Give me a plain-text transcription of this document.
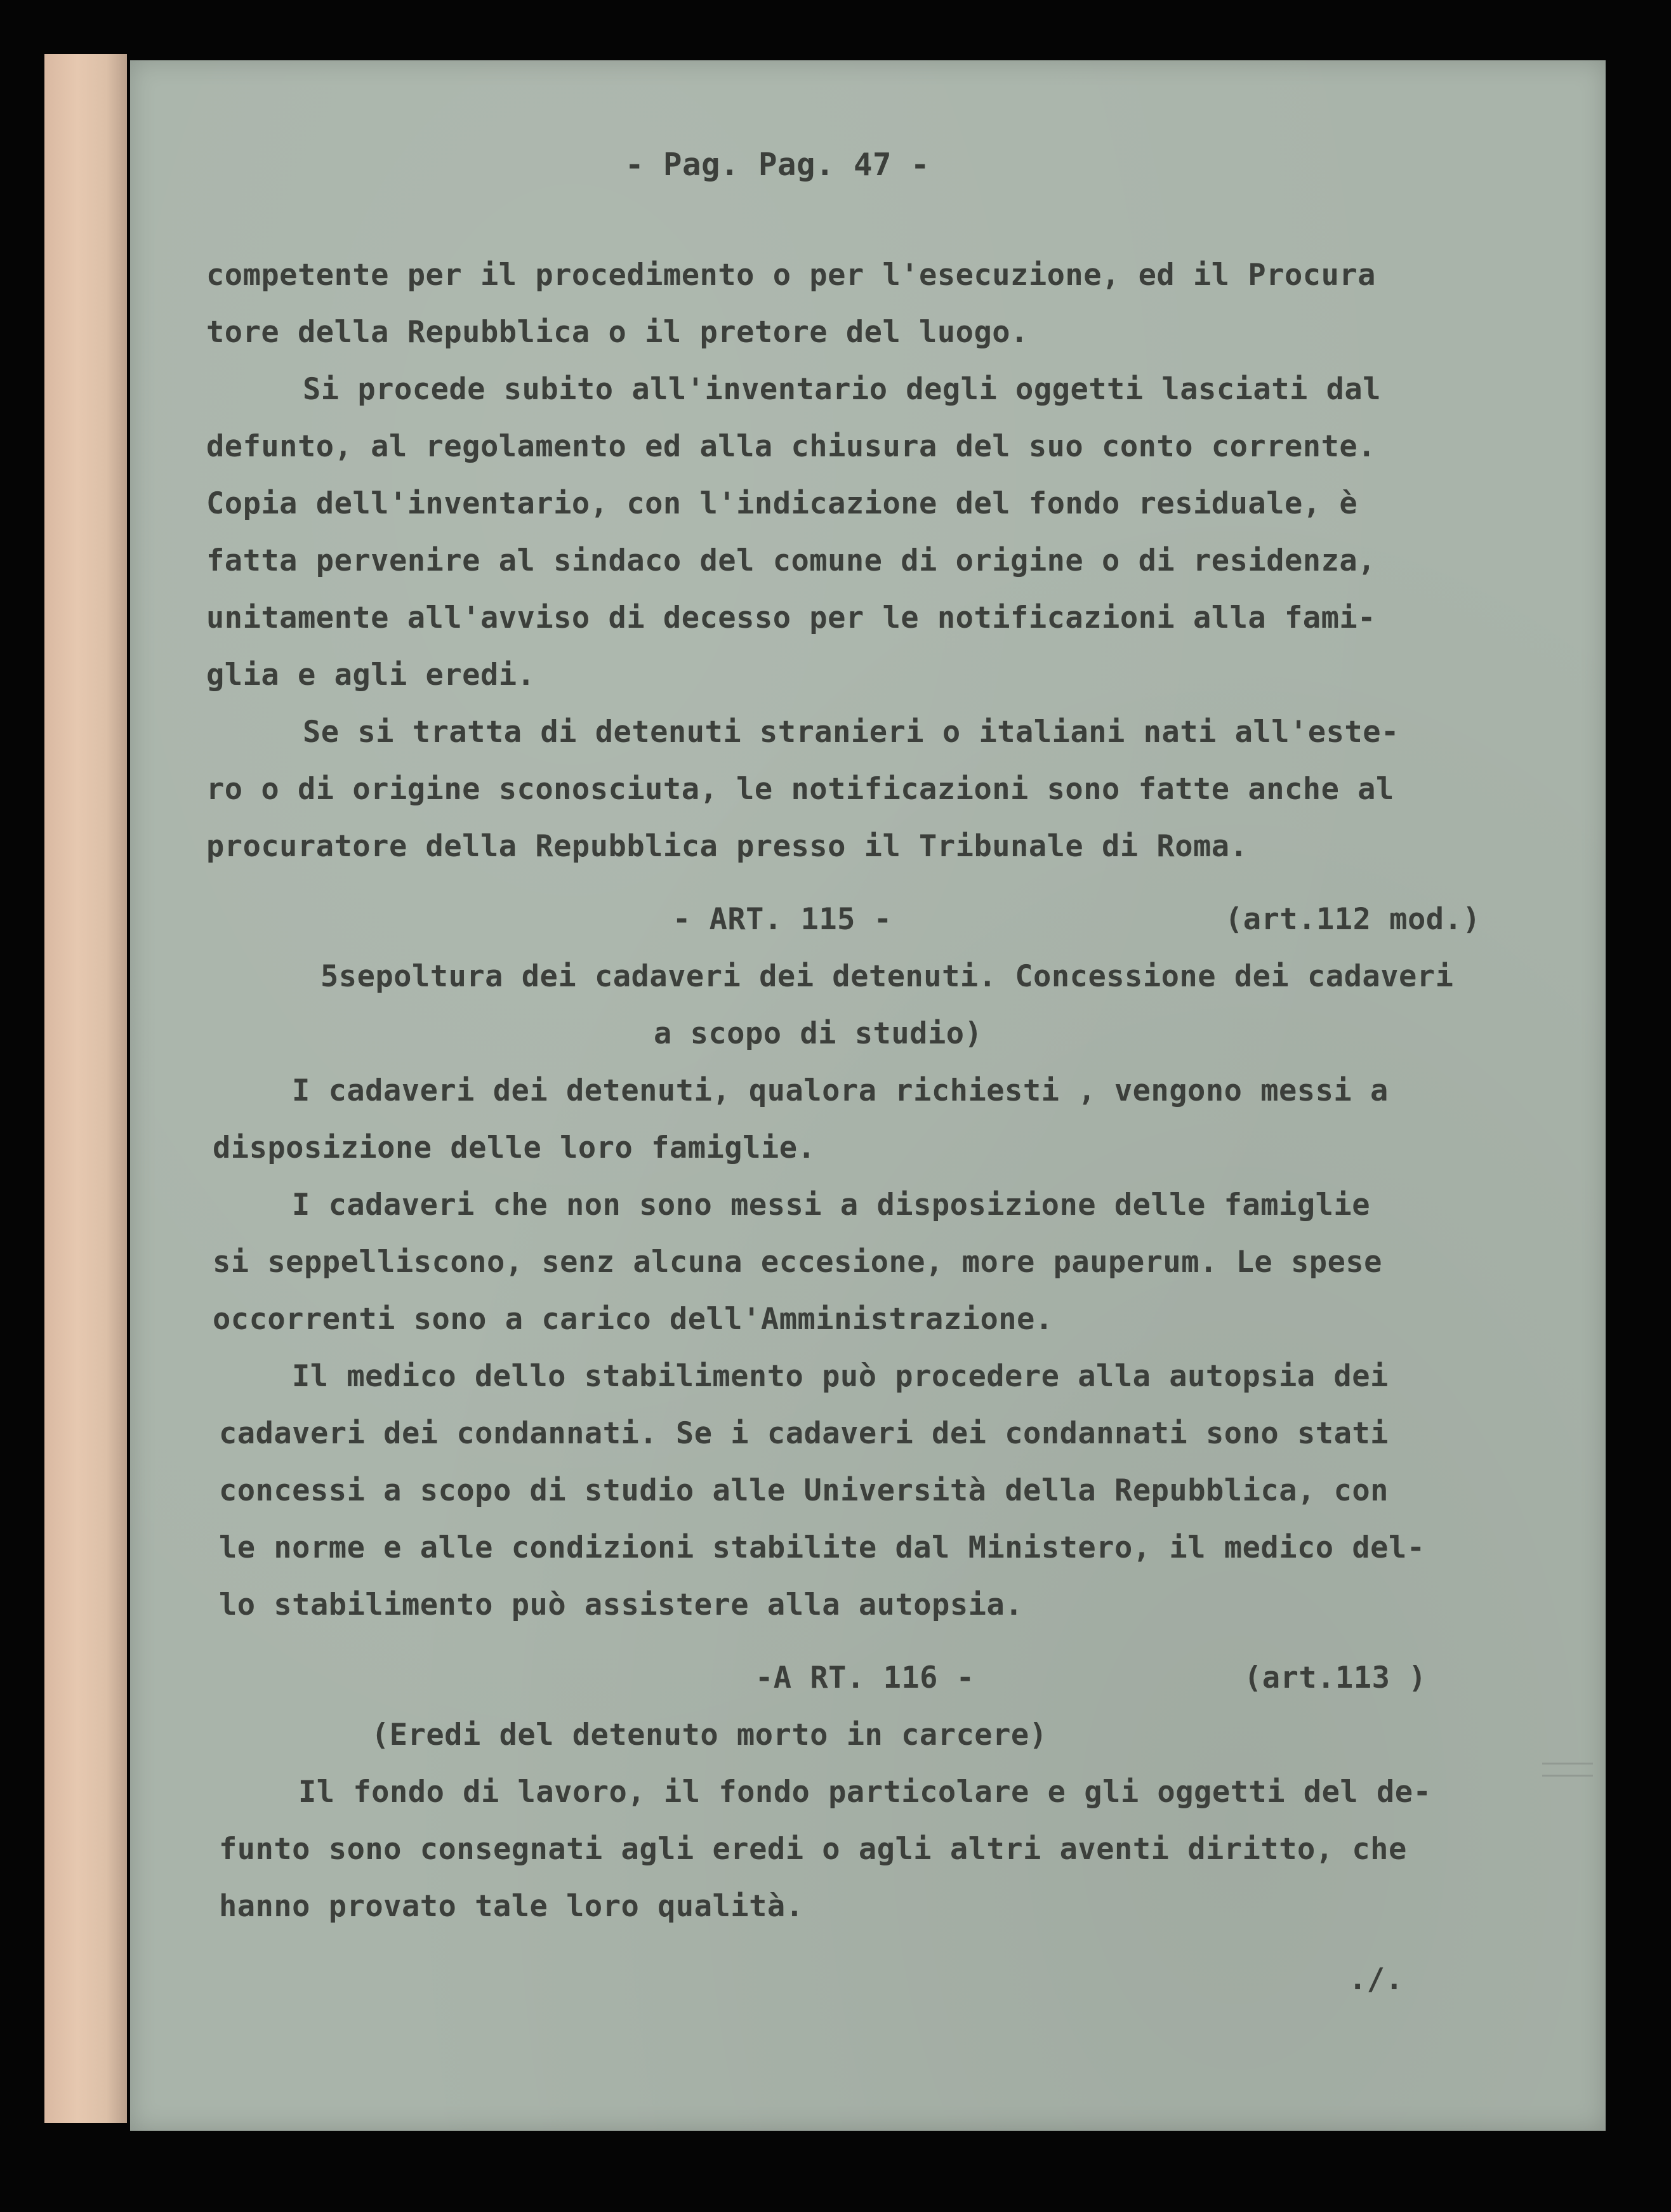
- Pag. Pag. 47 -
competente per il procedimento o per l'esecuzione, ed il Procura
tore della Repubblica o il pretore del luogo.
Si procede subito all'inventario degli oggetti lasciati dal
defunto, al regolamento ed alla chiusura del suo conto corrente.
Copia dell'inventario, con l'indicazione del fondo residuale, è
fatta pervenire al sindaco del comune di origine o di residenza,
unitamente all'avviso di decesso per le notificazioni alla fami-
glia e agli eredi.
Se si tratta di detenuti stranieri o italiani nati all'este-
ro o di origine sconosciuta, le notificazioni sono fatte anche al
procuratore della Repubblica presso il Tribunale di Roma.
- ART. 115 -	(art.112 mod.)
5sepoltura dei cadaveri dei detenuti. Concessione dei cadaveri
a scopo di studio)
I cadaveri dei detenuti, qualora richiesti , vengono messi a
disposizione delle loro famiglie.
I cadaveri che non sono messi a disposizione delle famiglie
si seppelliscono, senz alcuna eccesione, more pauperum. Le spese
occorrenti sono a carico dell'Amministrazione.
Il medico dello stabilimento può procedere alla autopsia dei
cadaveri dei condannati. Se i cadaveri dei condannati sono stati
concessi a scopo di studio alle Università della Repubblica, con
le norme e alle condizioni stabilite dal Ministero, il medico del-
lo stabilimento può assistere alla autopsia.
-A RT. 116 -	(art.113 )
(Eredi del detenuto morto in carcere)
Il fondo di lavoro, il fondo particolare e gli oggetti del de-
funto sono consegnati agli eredi o agli altri aventi diritto, che
hanno provato tale loro qualità.
./.
